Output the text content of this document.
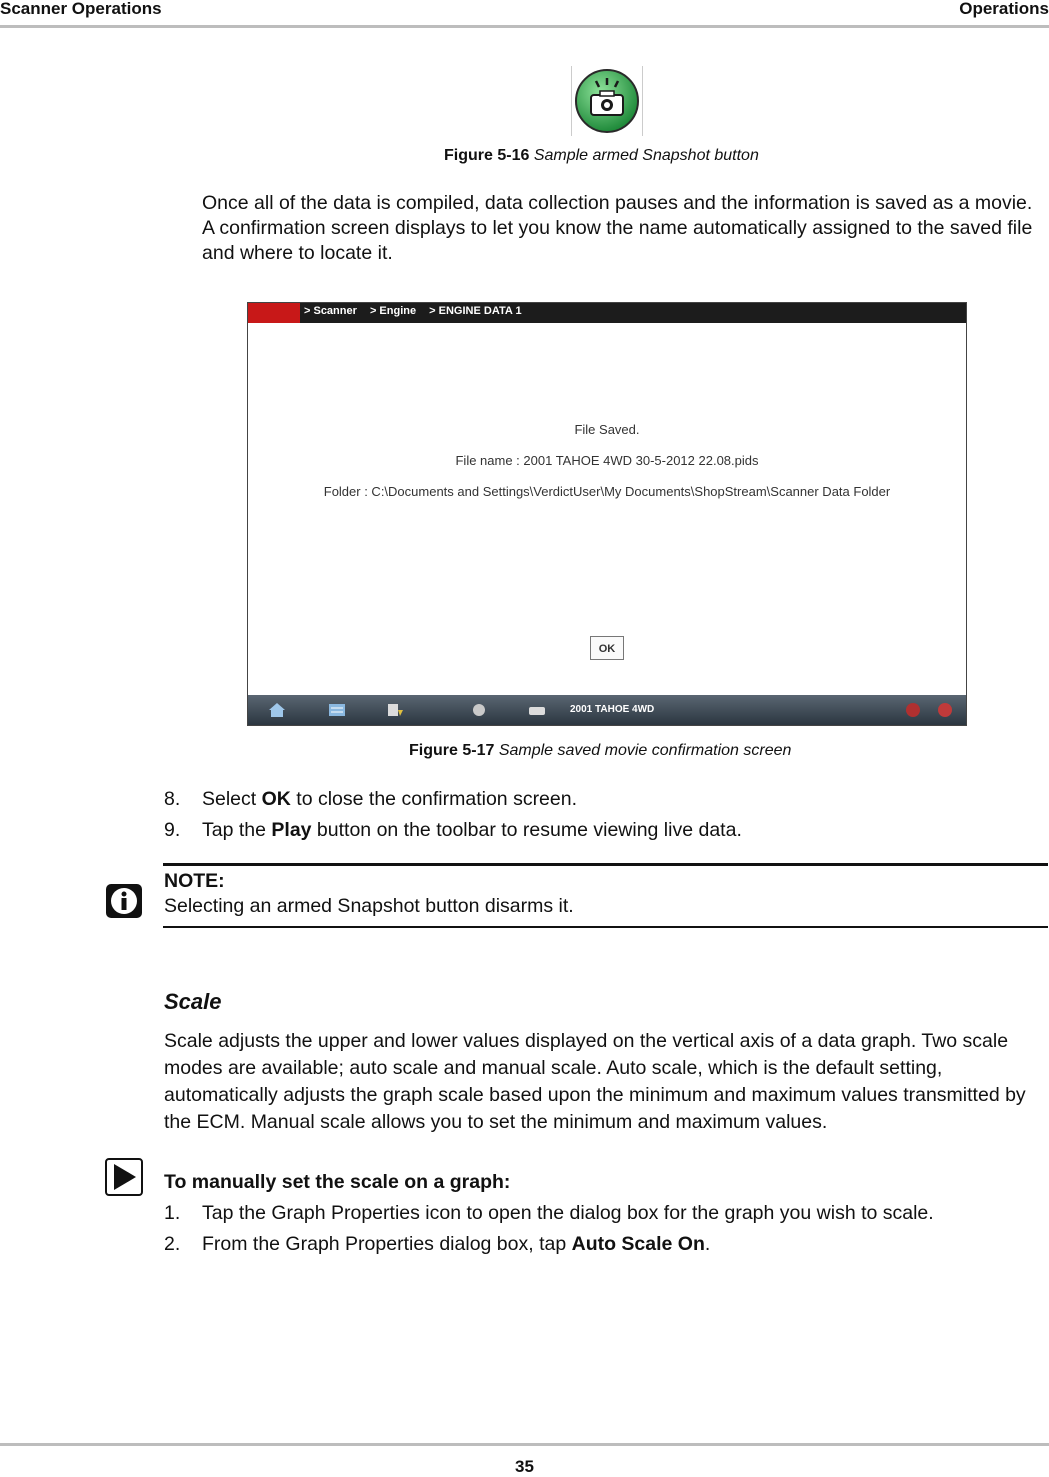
Scanner Operations	Operations
Figure 5-16 Sample armed Snapshot button
Once all of the data is compiled, data collection pauses and the information is saved as a movie. A confirmation screen displays to let you know the name automatically assigned to the saved file and where to locate it.
> Scanner > Engine > ENGINE DATA 1
File Saved.
File name : 2001 TAHOE 4WD 30-5-2012 22.08.pids
Folder : C:\Documents and Settings\VerdictUser\My Documents\ShopStream\Scanner Data Folder
OK
2001 TAHOE 4WD
Figure 5-17 Sample saved movie confirmation screen
8. Select OK to close the confirmation screen.
9. Tap the Play button on the toolbar to resume viewing live data.
NOTE:
Selecting an armed Snapshot button disarms it.
Scale
Scale adjusts the upper and lower values displayed on the vertical axis of a data graph. Two scale modes are available; auto scale and manual scale. Auto scale, which is the default setting, automatically adjusts the graph scale based upon the minimum and maximum values transmitted by the ECM. Manual scale allows you to set the minimum and maximum values.
To manually set the scale on a graph:
1. Tap the Graph Properties icon to open the dialog box for the graph you wish to scale.
2. From the Graph Properties dialog box, tap Auto Scale On.
35
